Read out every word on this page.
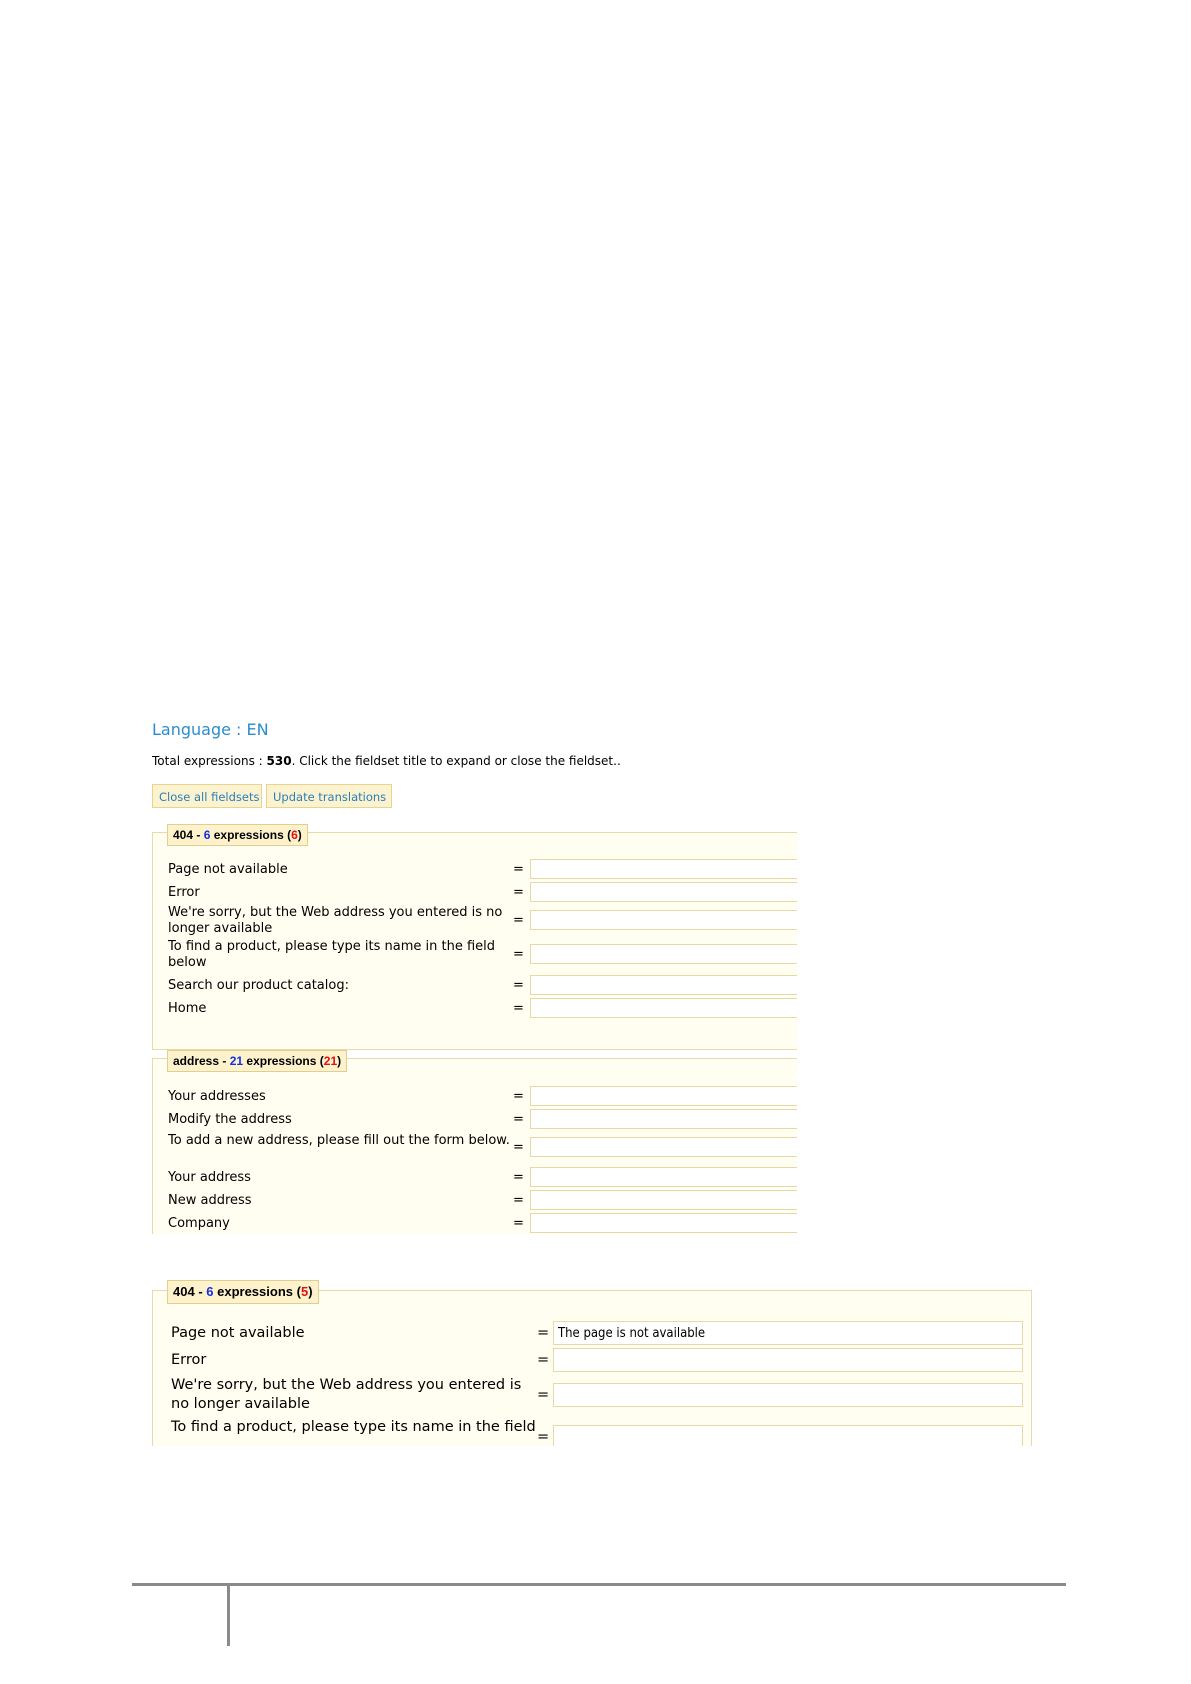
Language : EN
Total expressions : 530. Click the fieldset title to expand or close the fieldset..
Close all fieldsets	Update translations
404 - 6 expressions (6)
Page not available	=
Error	=
We're sorry, but the Web address you entered is no longer available
=
To find a product, please type its name in the field below
=
Search our product catalog:	=
Home	=
address - 21 expressions (21)
Your addresses	=
Modify the address	=
To add a new address, please fill out the form below. =
Your address	=
New address	=
Company	=
404 - 6 expressions (5)
Page not available	=
The page is not available
Error	=
We're sorry, but the Web address you entered is no longer available
=
To find a product, please type its name in the field
=
